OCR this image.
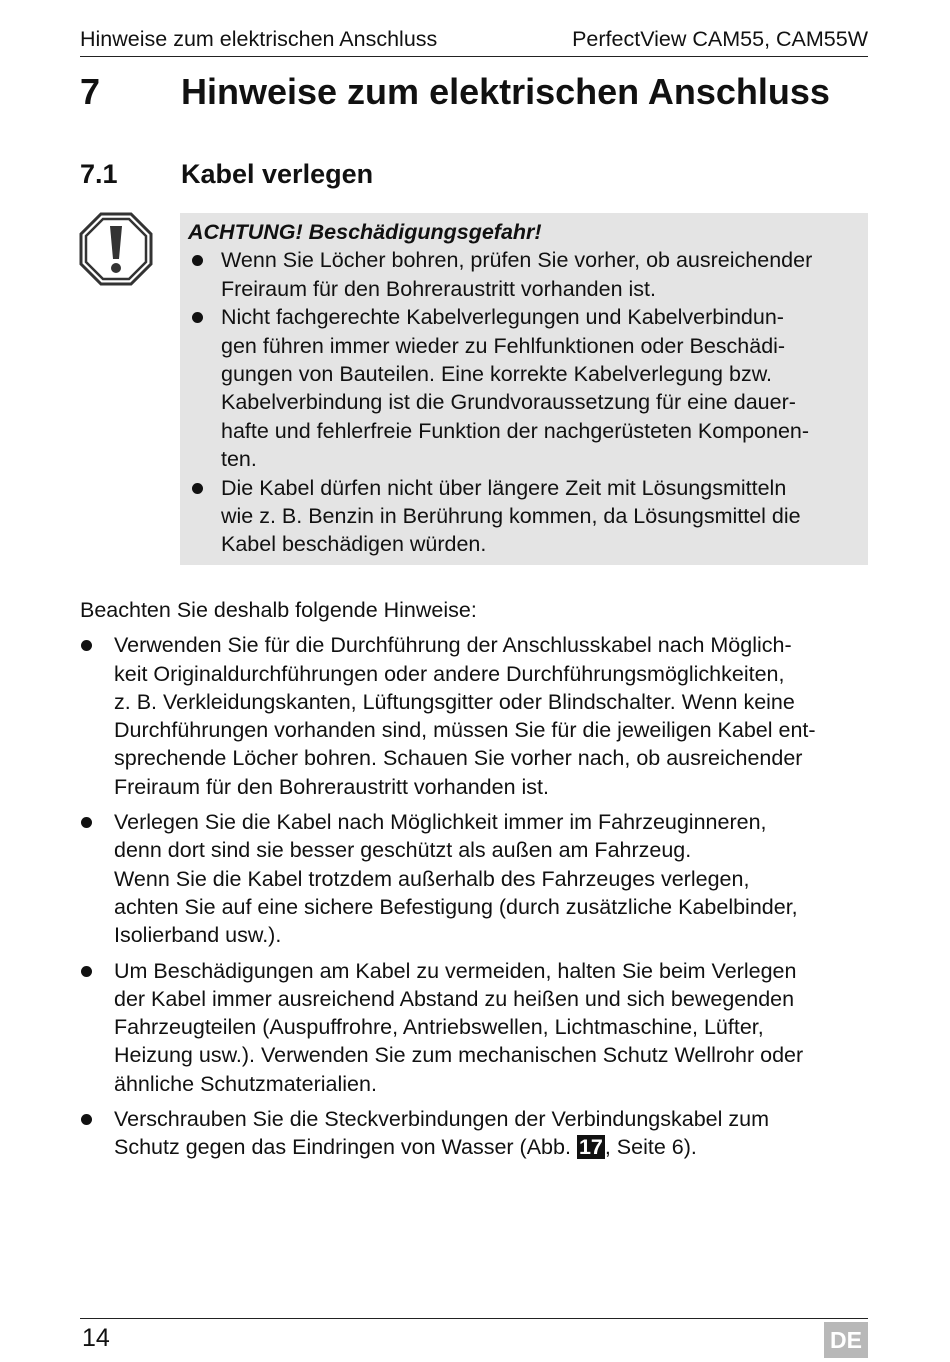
Hinweise zum elektrischen Anschluss	PerfectView CAM55, CAM55W
7 Hinweise zum elektrischen Anschluss
7.1 Kabel verlegen
ACHTUNG! Beschädigungsgefahr!
Wenn Sie Löcher bohren, prüfen Sie vorher, ob ausreichender
Freiraum für den Bohreraustritt vorhanden ist.
Nicht fachgerechte Kabelverlegungen und Kabelverbindun-
gen führen immer wieder zu Fehlfunktionen oder Beschädi-
gungen von Bauteilen. Eine korrekte Kabelverlegung bzw.
Kabelverbindung ist die Grundvoraussetzung für eine dauer-
hafte und fehlerfreie Funktion der nachgerüsteten Komponen-
ten.
Die Kabel dürfen nicht über längere Zeit mit Lösungsmitteln
wie z. B. Benzin in Berührung kommen, da Lösungsmittel die
Kabel beschädigen würden.

Beachten Sie deshalb folgende Hinweise:

Verwenden Sie für die Durchführung der Anschlusskabel nach Möglich-
keit Originaldurchführungen oder andere Durchführungsmöglichkeiten,
z. B. Verkleidungskanten, Lüftungsgitter oder Blindschalter. Wenn keine
Durchführungen vorhanden sind, müssen Sie für die jeweiligen Kabel ent-
sprechende Löcher bohren. Schauen Sie vorher nach, ob ausreichender
Freiraum für den Bohreraustritt vorhanden ist.
Verlegen Sie die Kabel nach Möglichkeit immer im Fahrzeuginneren,
denn dort sind sie besser geschützt als außen am Fahrzeug.
Wenn Sie die Kabel trotzdem außerhalb des Fahrzeuges verlegen,
achten Sie auf eine sichere Befestigung (durch zusätzliche Kabelbinder,
Isolierband usw.).
Um Beschädigungen am Kabel zu vermeiden, halten Sie beim Verlegen
der Kabel immer ausreichend Abstand zu heißen und sich bewegenden
Fahrzeugteilen (Auspuffrohre, Antriebswellen, Lichtmaschine, Lüfter,
Heizung usw.). Verwenden Sie zum mechanischen Schutz Wellrohr oder
ähnliche Schutzmaterialien.
Verschrauben Sie die Steckverbindungen der Verbindungskabel zum
Schutz gegen das Eindringen von Wasser (Abb. 17, Seite 6).
14	DE
